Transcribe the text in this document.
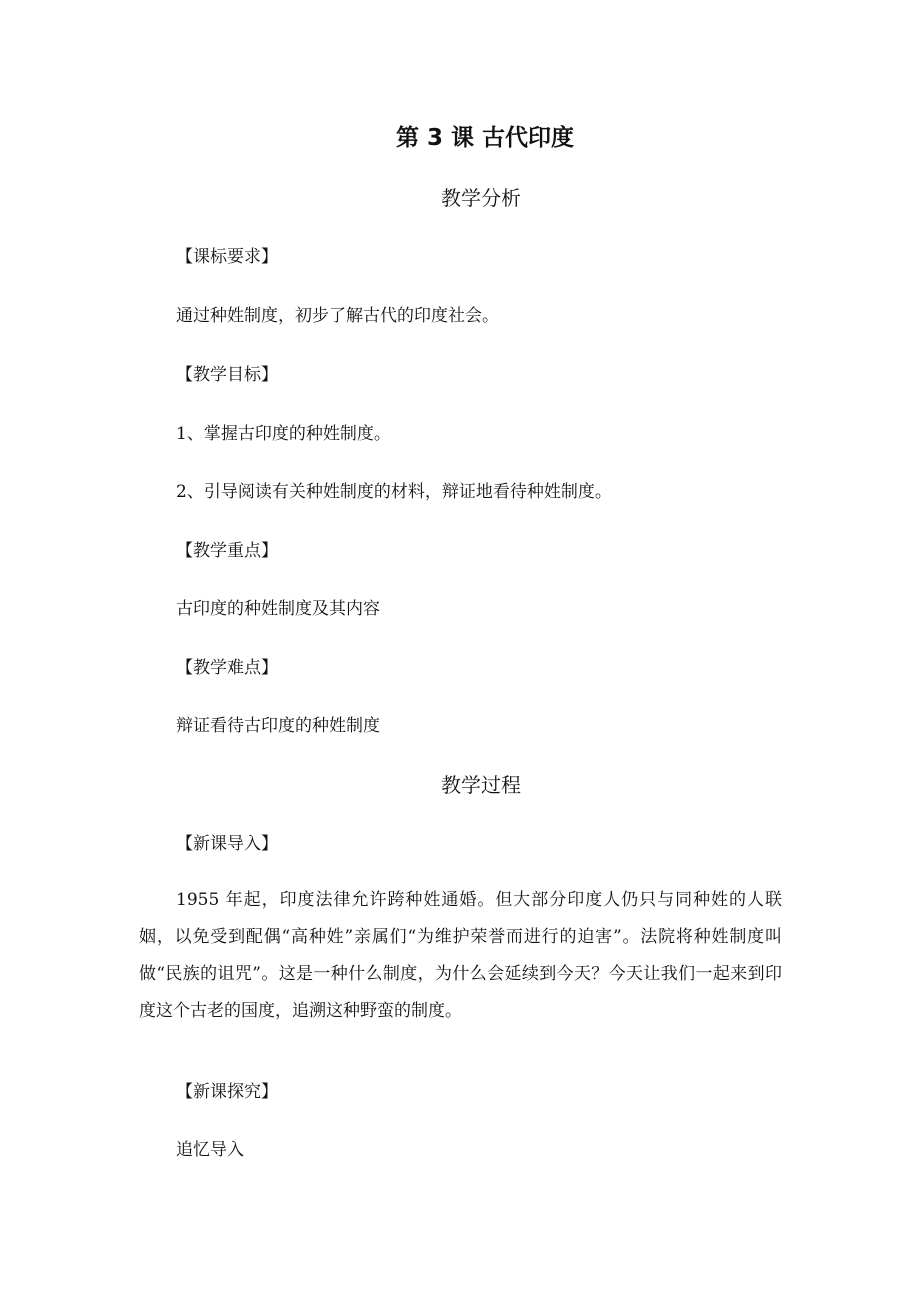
第 3 课 古代印度
教学分析
【课标要求】
通过种姓制度，初步了解古代的印度社会。
【教学目标】
1、掌握古印度的种姓制度。
2、引导阅读有关种姓制度的材料，辩证地看待种姓制度。
【教学重点】
古印度的种姓制度及其内容
【教学难点】
辩证看待古印度的种姓制度
教学过程
【新课导入】
1955 年起，印度法律允许跨种姓通婚。但大部分印度人仍只与同种姓的人联姻，以免受到配偶“高种姓”亲属们“为维护荣誉而进行的迫害”。法院将种姓制度叫做“民族的诅咒”。这是一种什么制度，为什么会延续到今天？今天让我们一起来到印度这个古老的国度，追溯这种野蛮的制度。
【新课探究】
追忆导入
